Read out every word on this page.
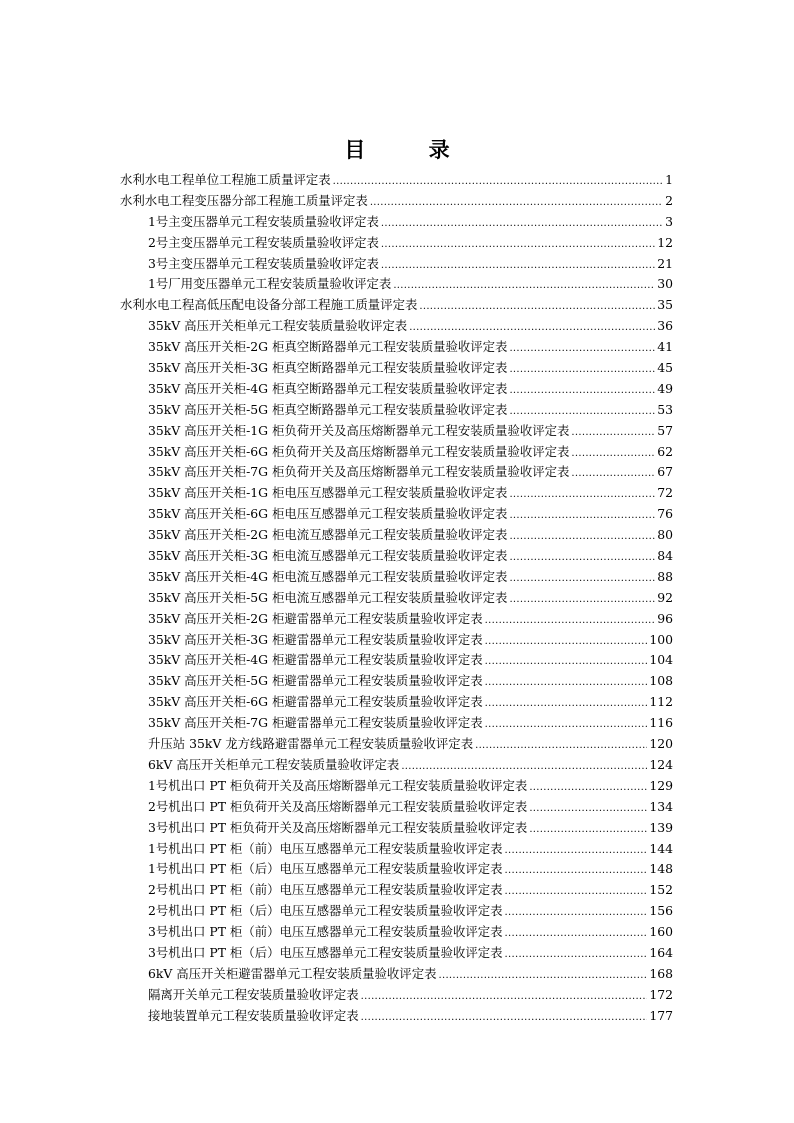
目 录
水利水电工程单位工程施工质量评定表 .....	1
水利水电工程变压器分部工程施工质量评定表 .....	2
1号主变压器单元工程安装质量验收评定表 .....	3
2号主变压器单元工程安装质量验收评定表 .....	12
3号主变压器单元工程安装质量验收评定表 .....	21
1号厂用变压器单元工程安装质量验收评定表 .....	30
水利水电工程高低压配电设备分部工程施工质量评定表 .....	35
35kV 高压开关柜单元工程安装质量验收评定表 .....	36
35kV 高压开关柜-2G 柜真空断路器单元工程安装质量验收评定表 .....	41
35kV 高压开关柜-3G 柜真空断路器单元工程安装质量验收评定表 .....	45
35kV 高压开关柜-4G 柜真空断路器单元工程安装质量验收评定表 .....	49
35kV 高压开关柜-5G 柜真空断路器单元工程安装质量验收评定表 .....	53
35kV 高压开关柜-1G 柜负荷开关及高压熔断器单元工程安装质量验收评定表 .....	57
35kV 高压开关柜-6G 柜负荷开关及高压熔断器单元工程安装质量验收评定表 .....	62
35kV 高压开关柜-7G 柜负荷开关及高压熔断器单元工程安装质量验收评定表 .....	67
35kV 高压开关柜-1G 柜电压互感器单元工程安装质量验收评定表 .....	72
35kV 高压开关柜-6G 柜电压互感器单元工程安装质量验收评定表 .....	76
35kV 高压开关柜-2G 柜电流互感器单元工程安装质量验收评定表 .....	80
35kV 高压开关柜-3G 柜电流互感器单元工程安装质量验收评定表 .....	84
35kV 高压开关柜-4G 柜电流互感器单元工程安装质量验收评定表 .....	88
35kV 高压开关柜-5G 柜电流互感器单元工程安装质量验收评定表 .....	92
35kV 高压开关柜-2G 柜避雷器单元工程安装质量验收评定表 .....	96
35kV 高压开关柜-3G 柜避雷器单元工程安装质量验收评定表 .....	100
35kV 高压开关柜-4G 柜避雷器单元工程安装质量验收评定表 .....	104
35kV 高压开关柜-5G 柜避雷器单元工程安装质量验收评定表 .....	108
35kV 高压开关柜-6G 柜避雷器单元工程安装质量验收评定表 .....	112
35kV 高压开关柜-7G 柜避雷器单元工程安装质量验收评定表 .....	116
升压站 35kV 龙方线路避雷器单元工程安装质量验收评定表 .....	120
6kV 高压开关柜单元工程安装质量验收评定表 .....	124
1号机出口 PT 柜负荷开关及高压熔断器单元工程安装质量验收评定表 .....	129
2号机出口 PT 柜负荷开关及高压熔断器单元工程安装质量验收评定表 .....	134
3号机出口 PT 柜负荷开关及高压熔断器单元工程安装质量验收评定表 .....	139
1号机出口 PT 柜（前）电压互感器单元工程安装质量验收评定表 .....	144
1号机出口 PT 柜（后）电压互感器单元工程安装质量验收评定表 .....	148
2号机出口 PT 柜（前）电压互感器单元工程安装质量验收评定表 .....	152
2号机出口 PT 柜（后）电压互感器单元工程安装质量验收评定表 .....	156
3号机出口 PT 柜（前）电压互感器单元工程安装质量验收评定表 .....	160
3号机出口 PT 柜（后）电压互感器单元工程安装质量验收评定表 .....	164
6kV 高压开关柜避雷器单元工程安装质量验收评定表 .....	168
隔离开关单元工程安装质量验收评定表 .....	172
接地装置单元工程安装质量验收评定表 .....	177
